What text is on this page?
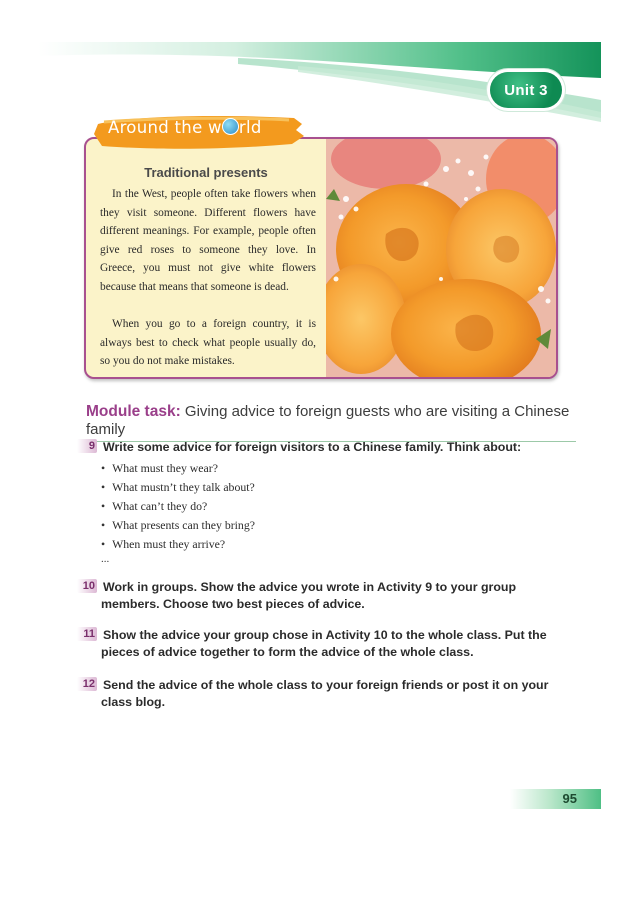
Unit 3
Traditional presents

In the West, people often take flowers when they visit someone. Different flowers have different meanings. For example, people often give red roses to someone they love. In Greece, you must not give white flowers because that means that someone is dead.

When you go to a foreign country, it is always best to check what people usually do, so you do not make mistakes.

Around the w rld
Module task: Giving advice to foreign guests who are visiting a Chinese family
9 Write some advice for foreign visitors to a Chinese family. Think about:
• What must they wear?
• What mustn’t they talk about?
• What can’t they do?
• What presents can they bring?
• When must they arrive?
...
10 Work in groups. Show the advice you wrote in Activity 9 to your group members. Choose two best pieces of advice.
11 Show the advice your group chose in Activity 10 to the whole class. Put the pieces of advice together to form the advice of the whole class.
12 Send the advice of the whole class to your foreign friends or post it on your class blog.
95
